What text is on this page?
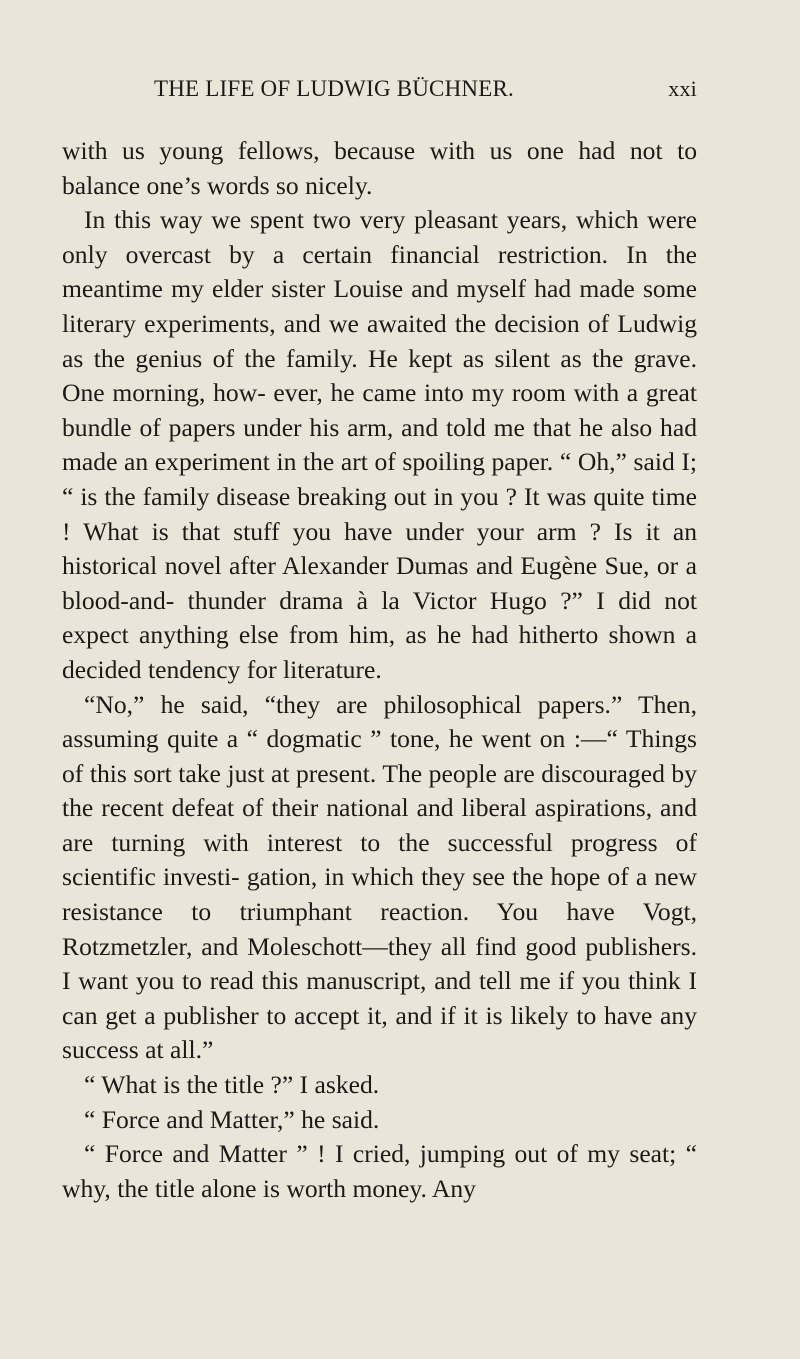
THE LIFE OF LUDWIG BÜCHNER.	xxi

with us young fellows, because with us one had not to balance one’s words so nicely.

In this way we spent two very pleasant years, which were only overcast by a certain financial restriction. In the meantime my elder sister Louise and myself had made some literary experiments, and we awaited the decision of Ludwig as the genius of the family. He kept as silent as the grave. One morning, how- ever, he came into my room with a great bundle of papers under his arm, and told me that he also had made an experiment in the art of spoiling paper. “ Oh,” said I; “ is the family disease breaking out in you ? It was quite time ! What is that stuff you have under your arm ? Is it an historical novel after Alexander Dumas and Eugène Sue, or a blood-and- thunder drama à la Victor Hugo ?” I did not expect anything else from him, as he had hitherto shown a decided tendency for literature.

“No,” he said, “they are philosophical papers.” Then, assuming quite a “ dogmatic ” tone, he went on :—“ Things of this sort take just at present. The people are discouraged by the recent defeat of their national and liberal aspirations, and are turning with interest to the successful progress of scientific investi- gation, in which they see the hope of a new resistance to triumphant reaction. You have Vogt, Rotzmetzler, and Moleschott—they all find good publishers. I want you to read this manuscript, and tell me if you think I can get a publisher to accept it, and if it is likely to have any success at all.”

“ What is the title ?” I asked.

“ Force and Matter,” he said.

“ Force and Matter ” ! I cried, jumping out of my seat; “ why, the title alone is worth money. Any
